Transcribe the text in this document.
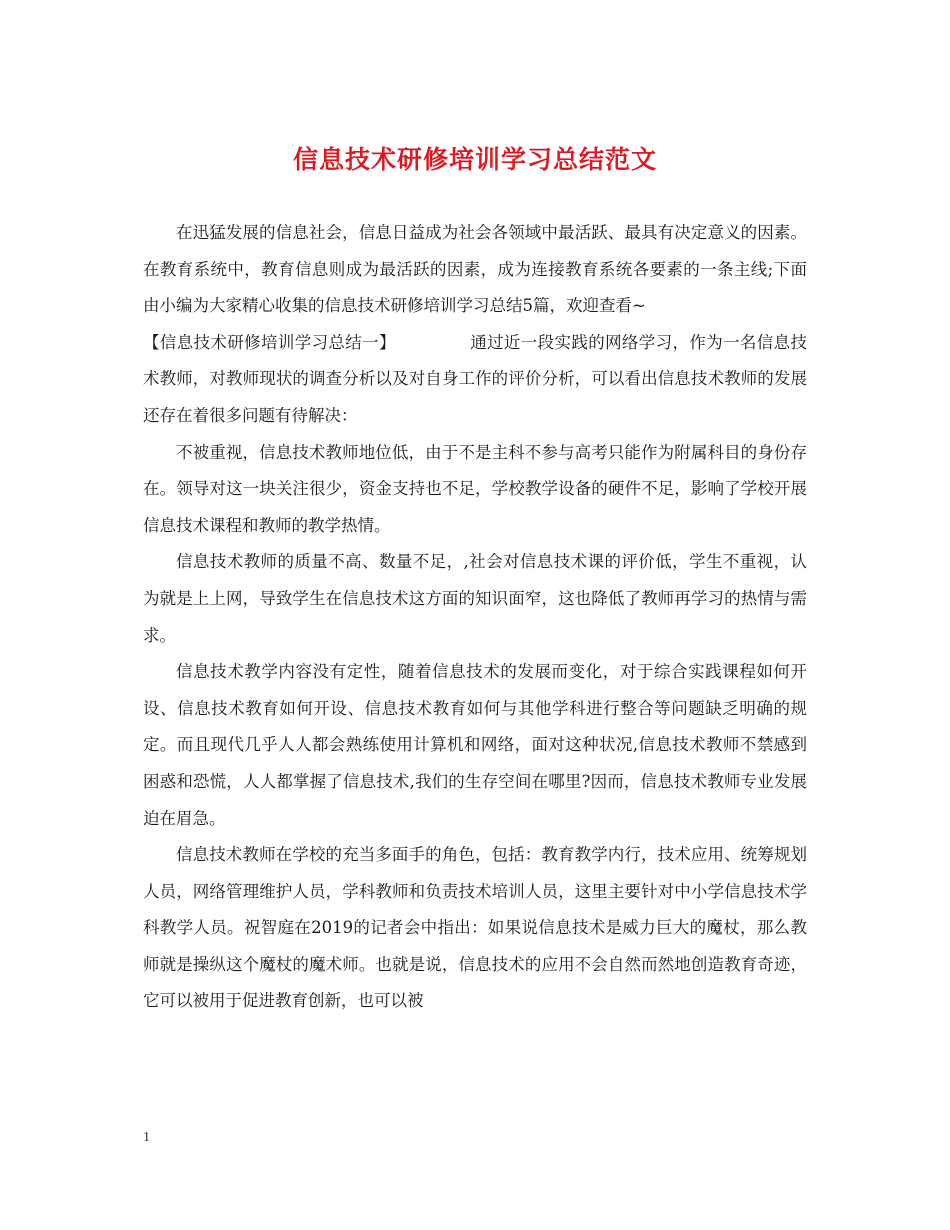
信息技术研修培训学习总结范文

在迅猛发展的信息社会，信息日益成为社会各领域中最活跃、最具有决定意义的因素。在教育系统中，教育信息则成为最活跃的因素，成为连接教育系统各要素的一条主线;下面由小编为大家精心收集的信息技术研修培训学习总结5篇，欢迎查看~

【信息技术研修培训学习总结一】	通过近一段实践的网络学习，作为一名信息技术教师，对教师现状的调查分析以及对自身工作的评价分析，可以看出信息技术教师的发展还存在着很多问题有待解决：

不被重视，信息技术教师地位低，由于不是主科不参与高考只能作为附属科目的身份存在。领导对这一块关注很少，资金支持也不足，学校教学设备的硬件不足，影响了学校开展信息技术课程和教师的教学热情。

信息技术教师的质量不高、数量不足，,社会对信息技术课的评价低，学生不重视，认为就是上上网，导致学生在信息技术这方面的知识面窄，这也降低了教师再学习的热情与需求。

信息技术教学内容没有定性，随着信息技术的发展而变化，对于综合实践课程如何开设、信息技术教育如何开设、信息技术教育如何与其他学科进行整合等问题缺乏明确的规定。而且现代几乎人人都会熟练使用计算机和网络，面对这种状况,信息技术教师不禁感到困惑和恐慌，人人都掌握了信息技术,我们的生存空间在哪里?因而，信息技术教师专业发展迫在眉急。

信息技术教师在学校的充当多面手的角色，包括：教育教学内行，技术应用、统筹规划人员，网络管理维护人员，学科教师和负责技术培训人员，这里主要针对中小学信息技术学科教学人员。祝智庭在2019的记者会中指出：如果说信息技术是威力巨大的魔杖，那么教师就是操纵这个魔杖的魔术师。也就是说，信息技术的应用不会自然而然地创造教育奇迹，它可以被用于促进教育创新，也可以被

1
